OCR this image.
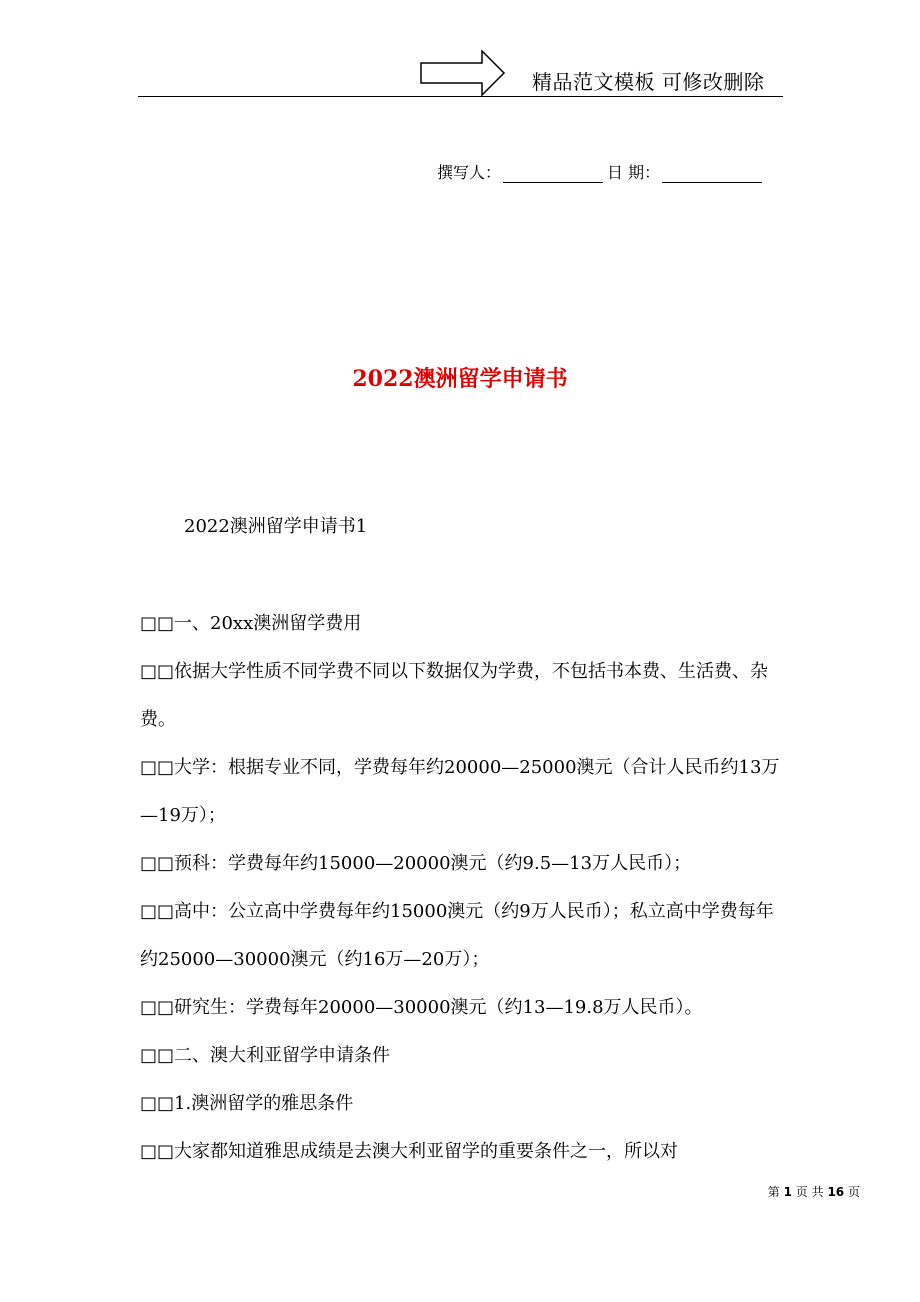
精品范文模板 可修改删除
撰写人：	日 期：
2022澳洲留学申请书
2022澳洲留学申请书1

□□一、20xx澳洲留学费用

□□依据大学性质不同学费不同以下数据仅为学费，不包括书本费、生活费、杂费。

□□大学：根据专业不同，学费每年约20000—25000澳元（合计人民币约13万—19万）；

□□预科：学费每年约15000—20000澳元（约9.5—13万人民币）；

□□高中：公立高中学费每年约15000澳元（约9万人民币）；私立高中学费每年约25000—30000澳元（约16万—20万）；

□□研究生：学费每年20000—30000澳元（约13—19.8万人民币）。

□□二、澳大利亚留学申请条件

□□1.澳洲留学的雅思条件

□□大家都知道雅思成绩是去澳大利亚留学的重要条件之一，所以对

第 1 页 共 16 页
